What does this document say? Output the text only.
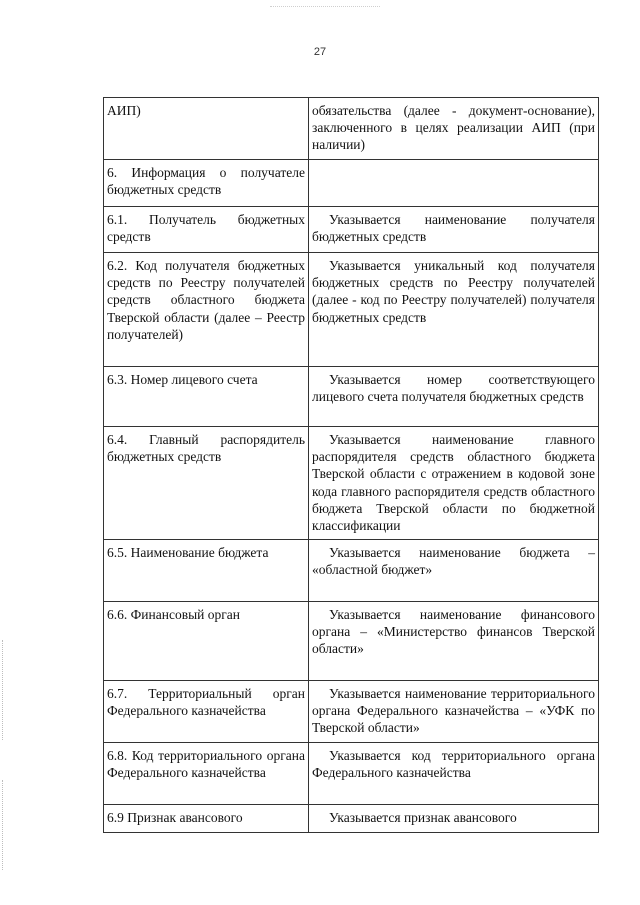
27
АИП)	обязательства (далее - документ-основание), заключенного в целях реализации АИП (при наличии)
6. Информация о получателе бюджетных средств	
6.1. Получатель бюджетных средств	Указывается наименование получателя бюджетных средств
6.2. Код получателя бюджетных средств по Реестру получателей средств областного бюджета Тверской области (далее – Реестр получателей)	Указывается уникальный код получателя бюджетных средств по Реестру получателей (далее - код по Реестру получателей) получателя бюджетных средств
6.3. Номер лицевого счета	Указывается номер соответствующего лицевого счета получателя бюджетных средств
6.4. Главный распорядитель бюджетных средств	Указывается наименование главного распорядителя средств областного бюджета Тверской области с отражением в кодовой зоне кода главного распорядителя средств областного бюджета Тверской области по бюджетной классификации
6.5. Наименование бюджета	Указывается наименование бюджета – «областной бюджет»
6.6. Финансовый орган	Указывается наименование финансового органа – «Министерство финансов Тверской области»
6.7. Территориальный орган Федерального казначейства	Указывается наименование территориального органа Федерального казначейства – «УФК по Тверской области»
6.8. Код территориального органа Федерального казначейства	Указывается код территориального органа Федерального казначейства
6.9 Признак авансового	Указывается признак авансового
